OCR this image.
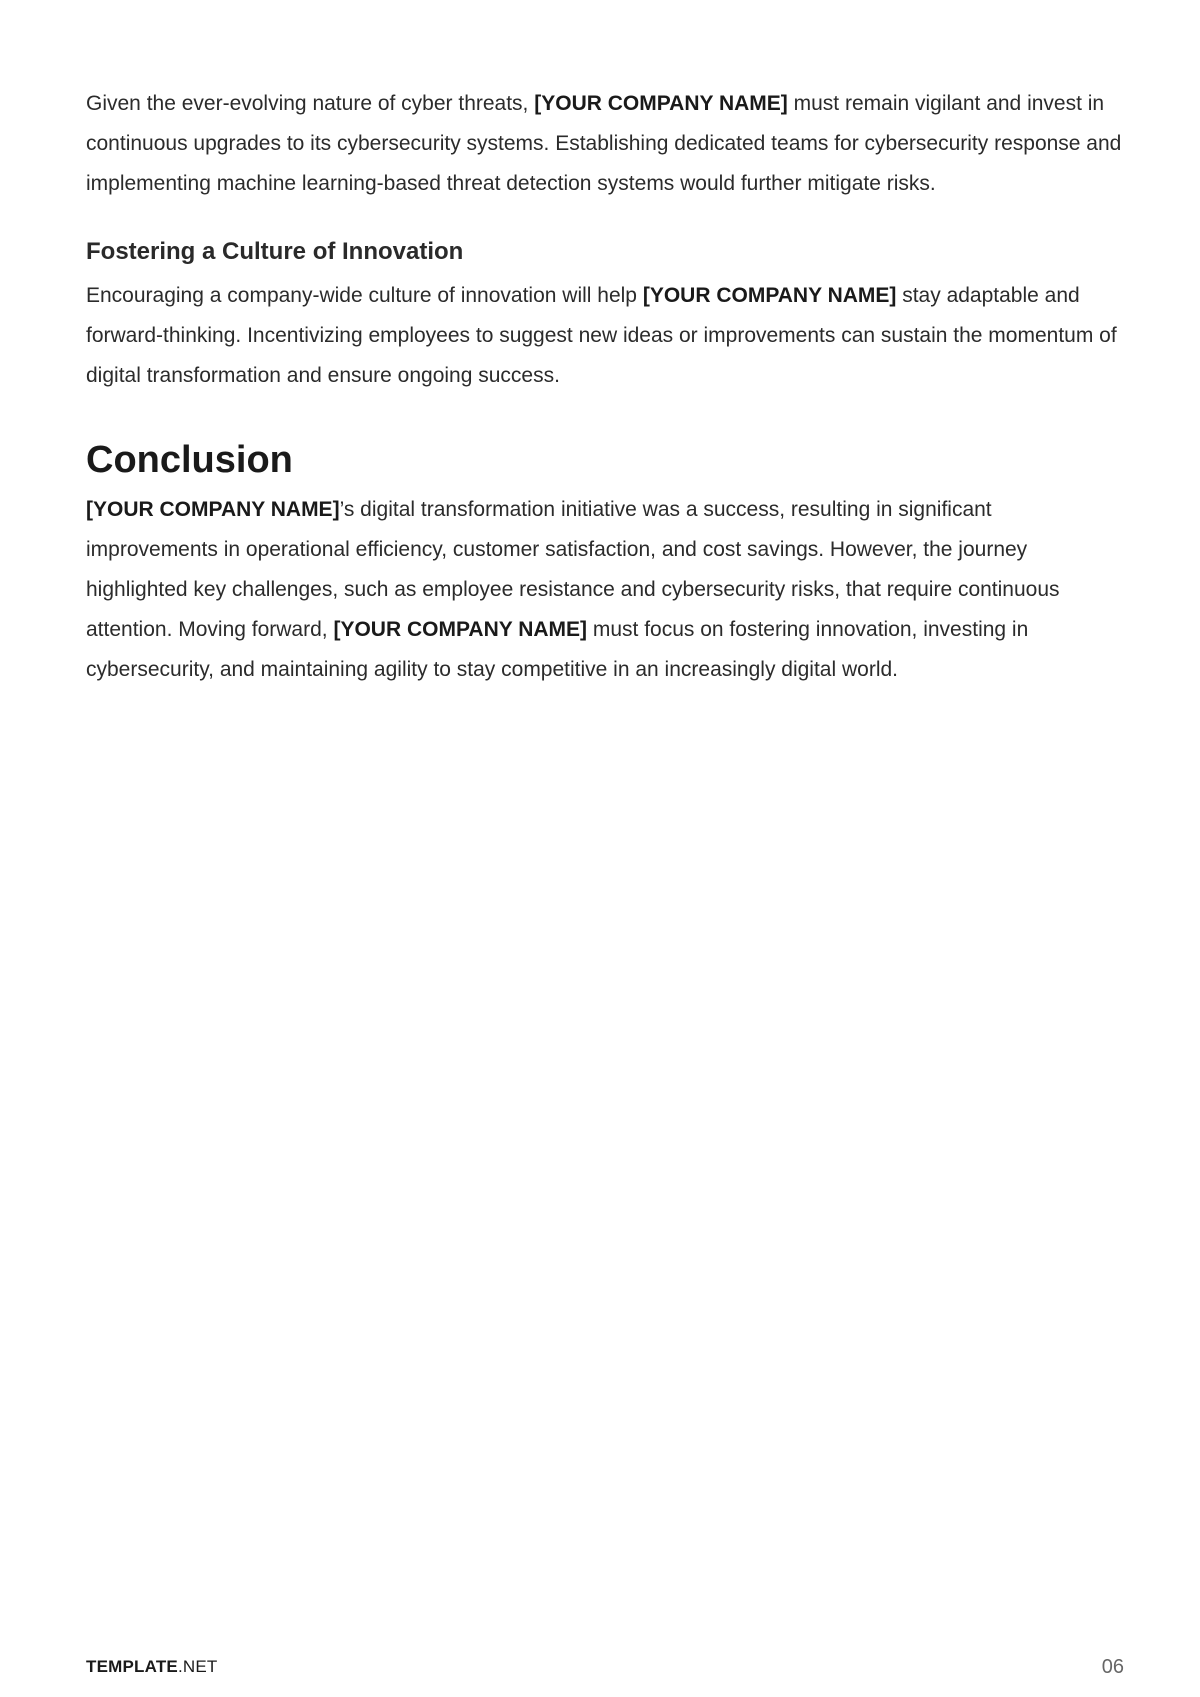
Given the ever-evolving nature of cyber threats, [YOUR COMPANY NAME] must remain vigilant and invest in continuous upgrades to its cybersecurity systems. Establishing dedicated teams for cybersecurity response and implementing machine learning-based threat detection systems would further mitigate risks.

Fostering a Culture of Innovation

Encouraging a company-wide culture of innovation will help [YOUR COMPANY NAME] stay adaptable and forward-thinking. Incentivizing employees to suggest new ideas or improvements can sustain the momentum of digital transformation and ensure ongoing success.

Conclusion

[YOUR COMPANY NAME]’s digital transformation initiative was a success, resulting in significant improvements in operational efficiency, customer satisfaction, and cost savings. However, the journey highlighted key challenges, such as employee resistance and cybersecurity risks, that require continuous attention. Moving forward, [YOUR COMPANY NAME] must focus on fostering innovation, investing in cybersecurity, and maintaining agility to stay competitive in an increasingly digital world.

TEMPLATE.NET	06
